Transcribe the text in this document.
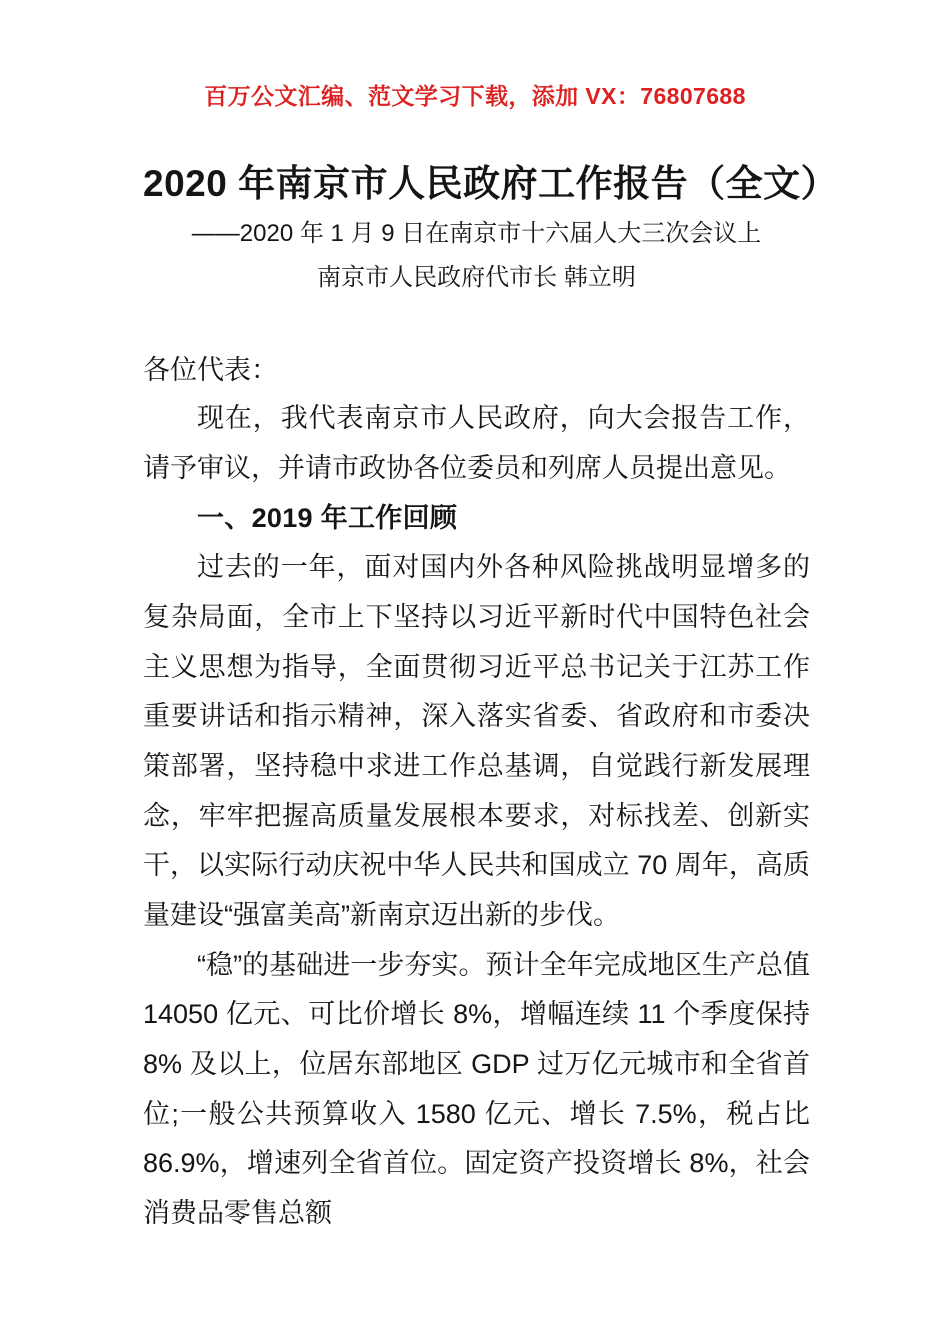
百万公文汇编、范文学习下载，添加 VX：76807688
2020 年南京市人民政府工作报告（全文）
——2020 年 1 月 9 日在南京市十六届人大三次会议上
南京市人民政府代市长 韩立明

各位代表：

现在，我代表南京市人民政府，向大会报告工作，请予审议，并请市政协各位委员和列席人员提出意见。

一、2019 年工作回顾

过去的一年，面对国内外各种风险挑战明显增多的复杂局面，全市上下坚持以习近平新时代中国特色社会主义思想为指导，全面贯彻习近平总书记关于江苏工作重要讲话和指示精神，深入落实省委、省政府和市委决策部署，坚持稳中求进工作总基调，自觉践行新发展理念，牢牢把握高质量发展根本要求，对标找差、创新实干，以实际行动庆祝中华人民共和国成立 70 周年，高质量建设“强富美高”新南京迈出新的步伐。

“稳”的基础进一步夯实。预计全年完成地区生产总值 14050 亿元、可比价增长 8%，增幅连续 11 个季度保持 8% 及以上，位居东部地区 GDP 过万亿元城市和全省首位;一般公共预算收入 1580 亿元、增长 7.5%，税占比 86.9%，增速列全省首位。固定资产投资增长 8%，社会消费品零售总额
